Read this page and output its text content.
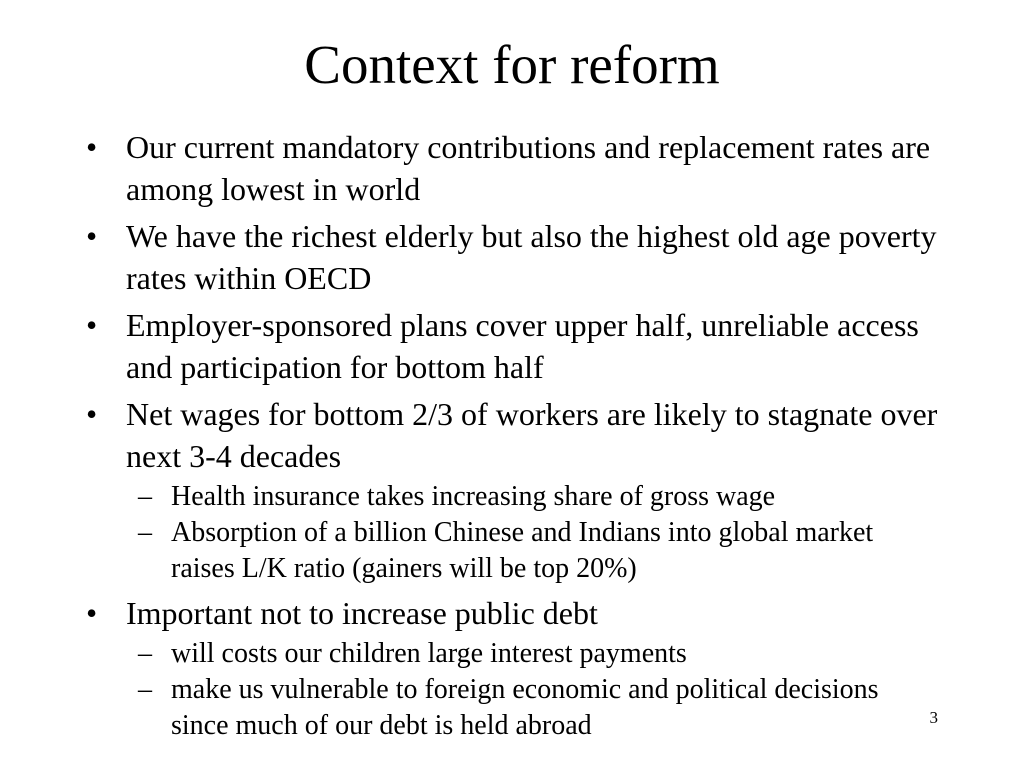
Context for reform
• Our current mandatory contributions and replacement rates are among lowest in world
• We have the richest elderly but also the highest old age poverty rates within OECD
• Employer-sponsored plans cover upper half, unreliable access and participation for bottom half
• Net wages for bottom 2/3 of workers are likely to stagnate over next 3-4 decades
– Health insurance takes increasing share of gross wage
– Absorption of a billion Chinese and Indians into global market raises L/K ratio (gainers will be top 20%)
• Important not to increase public debt
– will costs our children large interest payments
– make us vulnerable to foreign economic and political decisions since much of our debt is held abroad	3
